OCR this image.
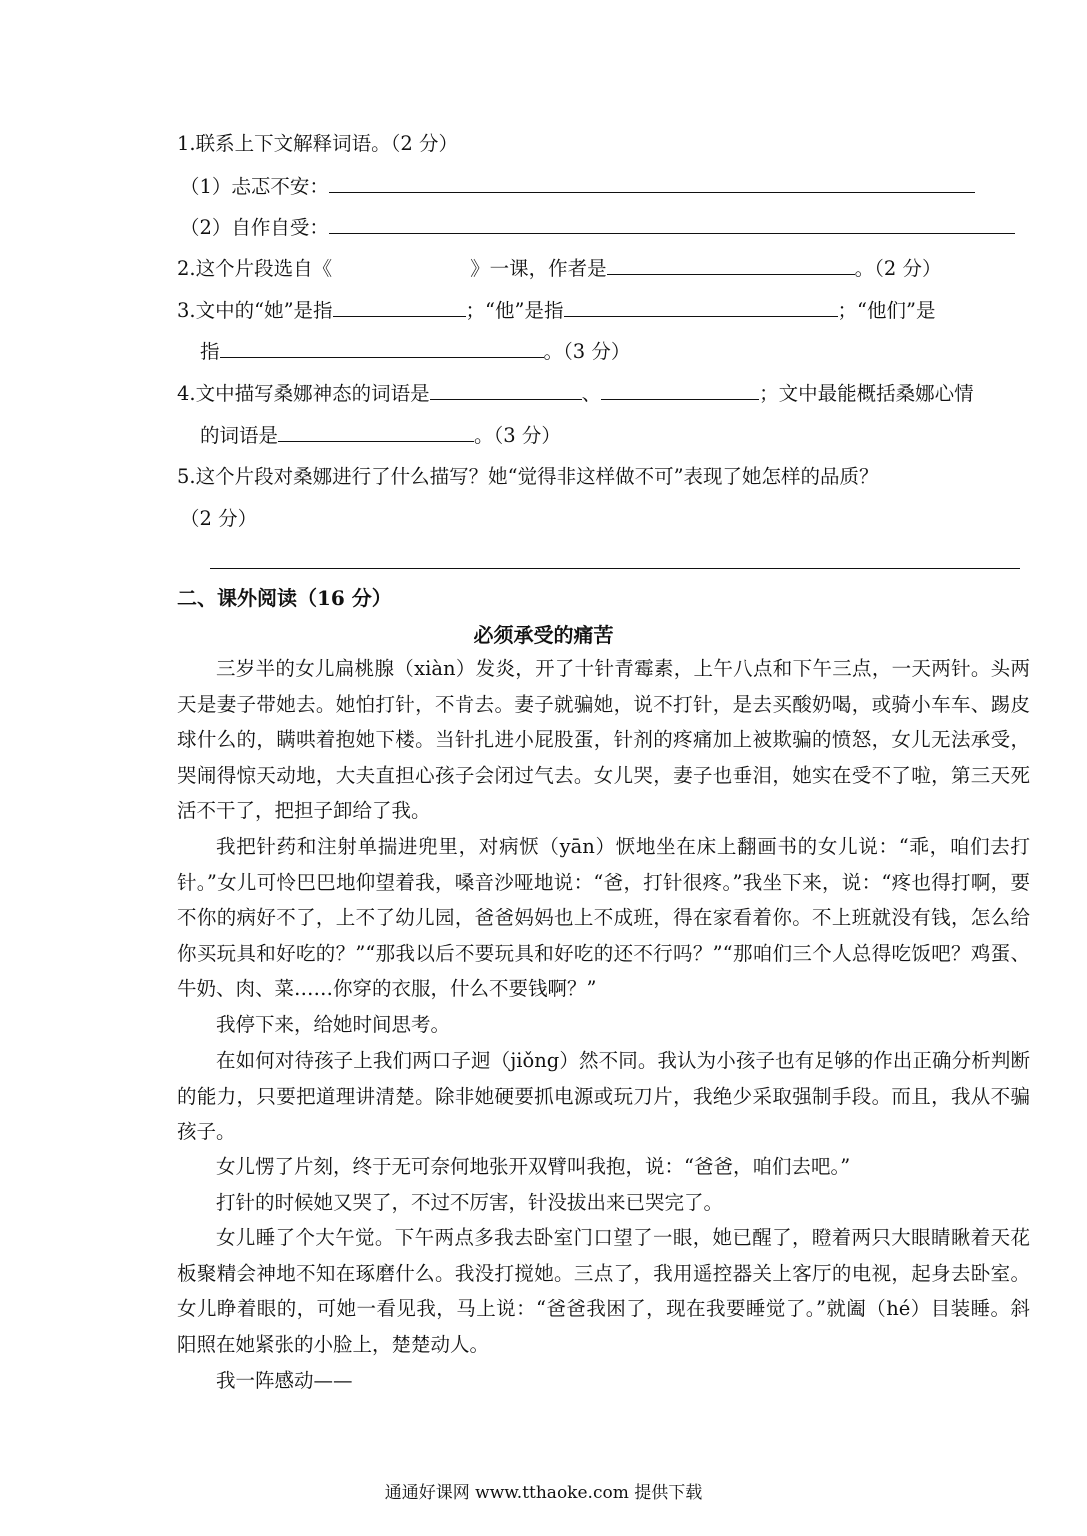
1.联系上下文解释词语。（2 分）
（1）忐忑不安：
（2）自作自受：
2.这个片段选自《	》一课，作者是	。（2 分）
3.文中的“她”是指	；“他”是指	；“他们”是
指	。（3 分）
4.文中描写桑娜神态的词语是	、	；文中最能概括桑娜心情
的词语是	。（3 分）
5.这个片段对桑娜进行了什么描写？她“觉得非这样做不可”表现了她怎样的品质？
（2 分）
二、课外阅读（16 分）
必须承受的痛苦

三岁半的女儿扁桃腺（xiàn）发炎，开了十针青霉素，上午八点和下午三点，一天两针。头两天是妻子带她去。她怕打针，不肯去。妻子就骗她，说不打针，是去买酸奶喝，或骑小车车、踢皮球什么的，瞒哄着抱她下楼。当针扎进小屁股蛋，针剂的疼痛加上被欺骗的愤怒，女儿无法承受，哭闹得惊天动地，大夫直担心孩子会闭过气去。女儿哭，妻子也垂泪，她实在受不了啦，第三天死活不干了，把担子卸给了我。

我把针药和注射单揣进兜里，对病恹（yān）恹地坐在床上翻画书的女儿说：“乖，咱们去打针。”女儿可怜巴巴地仰望着我，嗓音沙哑地说：“爸，打针很疼。”我坐下来，说：“疼也得打啊，要不你的病好不了，上不了幼儿园，爸爸妈妈也上不成班，得在家看着你。不上班就没有钱，怎么给你买玩具和好吃的？”“那我以后不要玩具和好吃的还不行吗？”“那咱们三个人总得吃饭吧？鸡蛋、牛奶、肉、菜……你穿的衣服，什么不要钱啊？”

我停下来，给她时间思考。

在如何对待孩子上我们两口子迥（jiǒng）然不同。我认为小孩子也有足够的作出正确分析判断的能力，只要把道理讲清楚。除非她硬要抓电源或玩刀片，我绝少采取强制手段。而且，我从不骗孩子。

女儿愣了片刻，终于无可奈何地张开双臂叫我抱，说：“爸爸，咱们去吧。”

打针的时候她又哭了，不过不厉害，针没拔出来已哭完了。

女儿睡了个大午觉。下午两点多我去卧室门口望了一眼，她已醒了，瞪着两只大眼睛瞅着天花板聚精会神地不知在琢磨什么。我没打搅她。三点了，我用遥控器关上客厅的电视，起身去卧室。女儿睁着眼的，可她一看见我，马上说：“爸爸我困了，现在我要睡觉了。”就阖（hé）目装睡。斜阳照在她紧张的小脸上，楚楚动人。

我一阵感动——

通通好课网 www.tthaoke.com 提供下载
